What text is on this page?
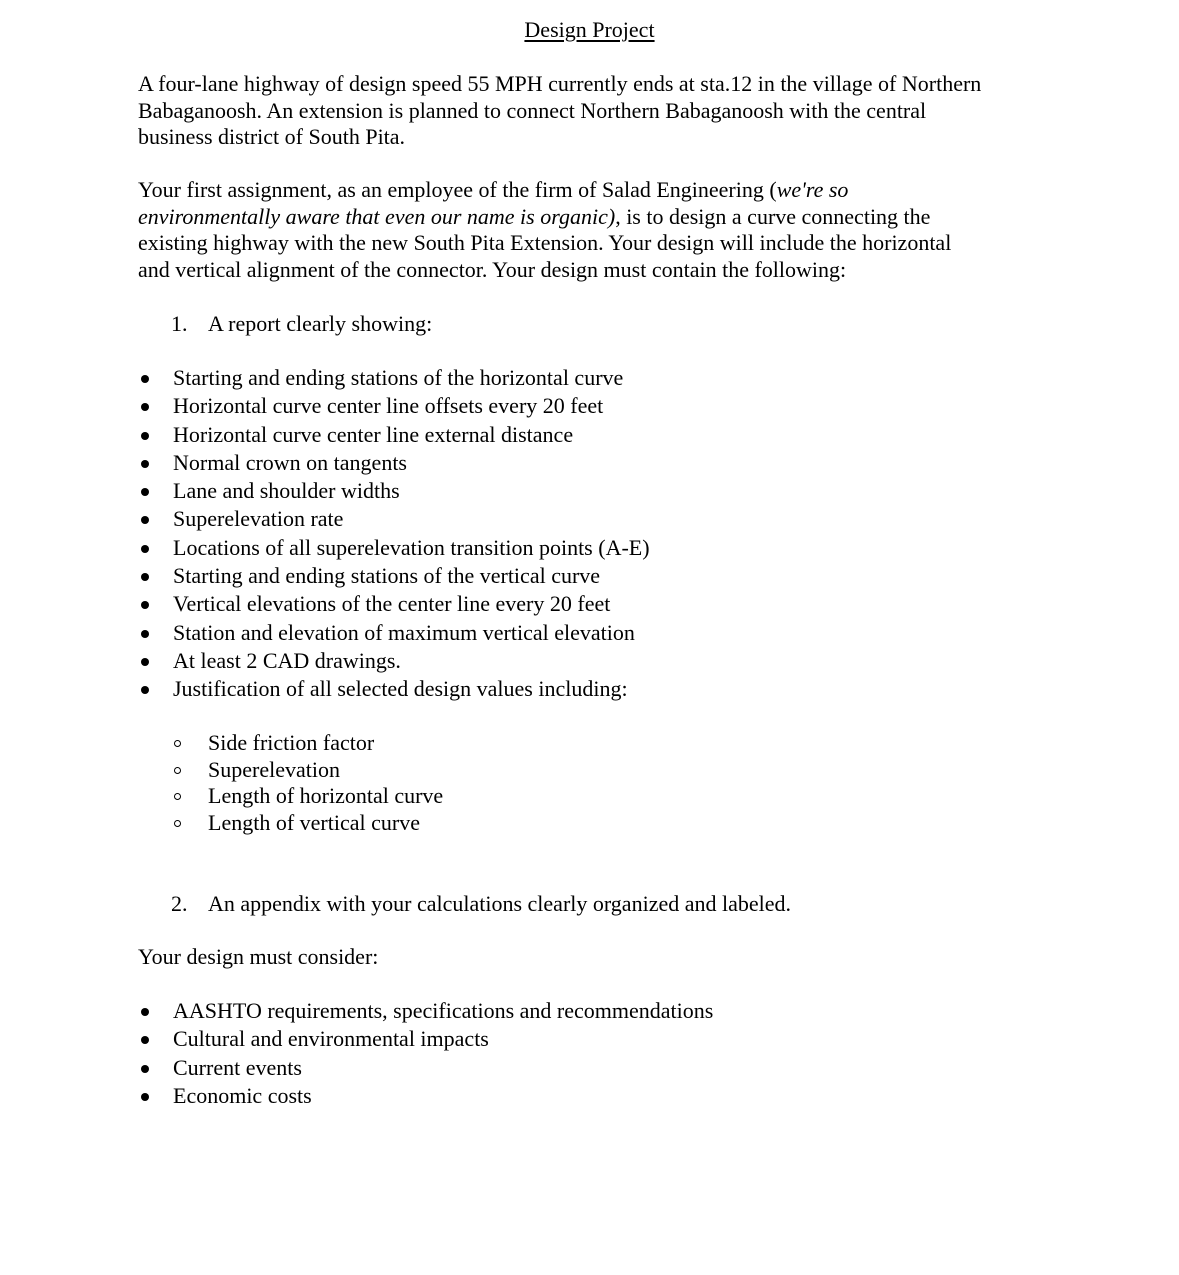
Design Project

A four-lane highway of design speed 55 MPH currently ends at sta.12 in the village of Northern
Babaganoosh. An extension is planned to connect Northern Babaganoosh with the central
business district of South Pita.

Your first assignment, as an employee of the firm of Salad Engineering (we're so
environmentally aware that even our name is organic), is to design a curve connecting the
existing highway with the new South Pita Extension. Your design will include the horizontal
and vertical alignment of the connector. Your design must contain the following:

1. A report clearly showing:
Starting and ending stations of the horizontal curve
Horizontal curve center line offsets every 20 feet
Horizontal curve center line external distance
Normal crown on tangents
Lane and shoulder widths
Superelevation rate
Locations of all superelevation transition points (A-E)
Starting and ending stations of the vertical curve
Vertical elevations of the center line every 20 feet
Station and elevation of maximum vertical elevation
At least 2 CAD drawings.
Justification of all selected design values including:
Side friction factor
Superelevation
Length of horizontal curve
Length of vertical curve
2. An appendix with your calculations clearly organized and labeled.
Your design must consider:
AASHTO requirements, specifications and recommendations
Cultural and environmental impacts
Current events
Economic costs
